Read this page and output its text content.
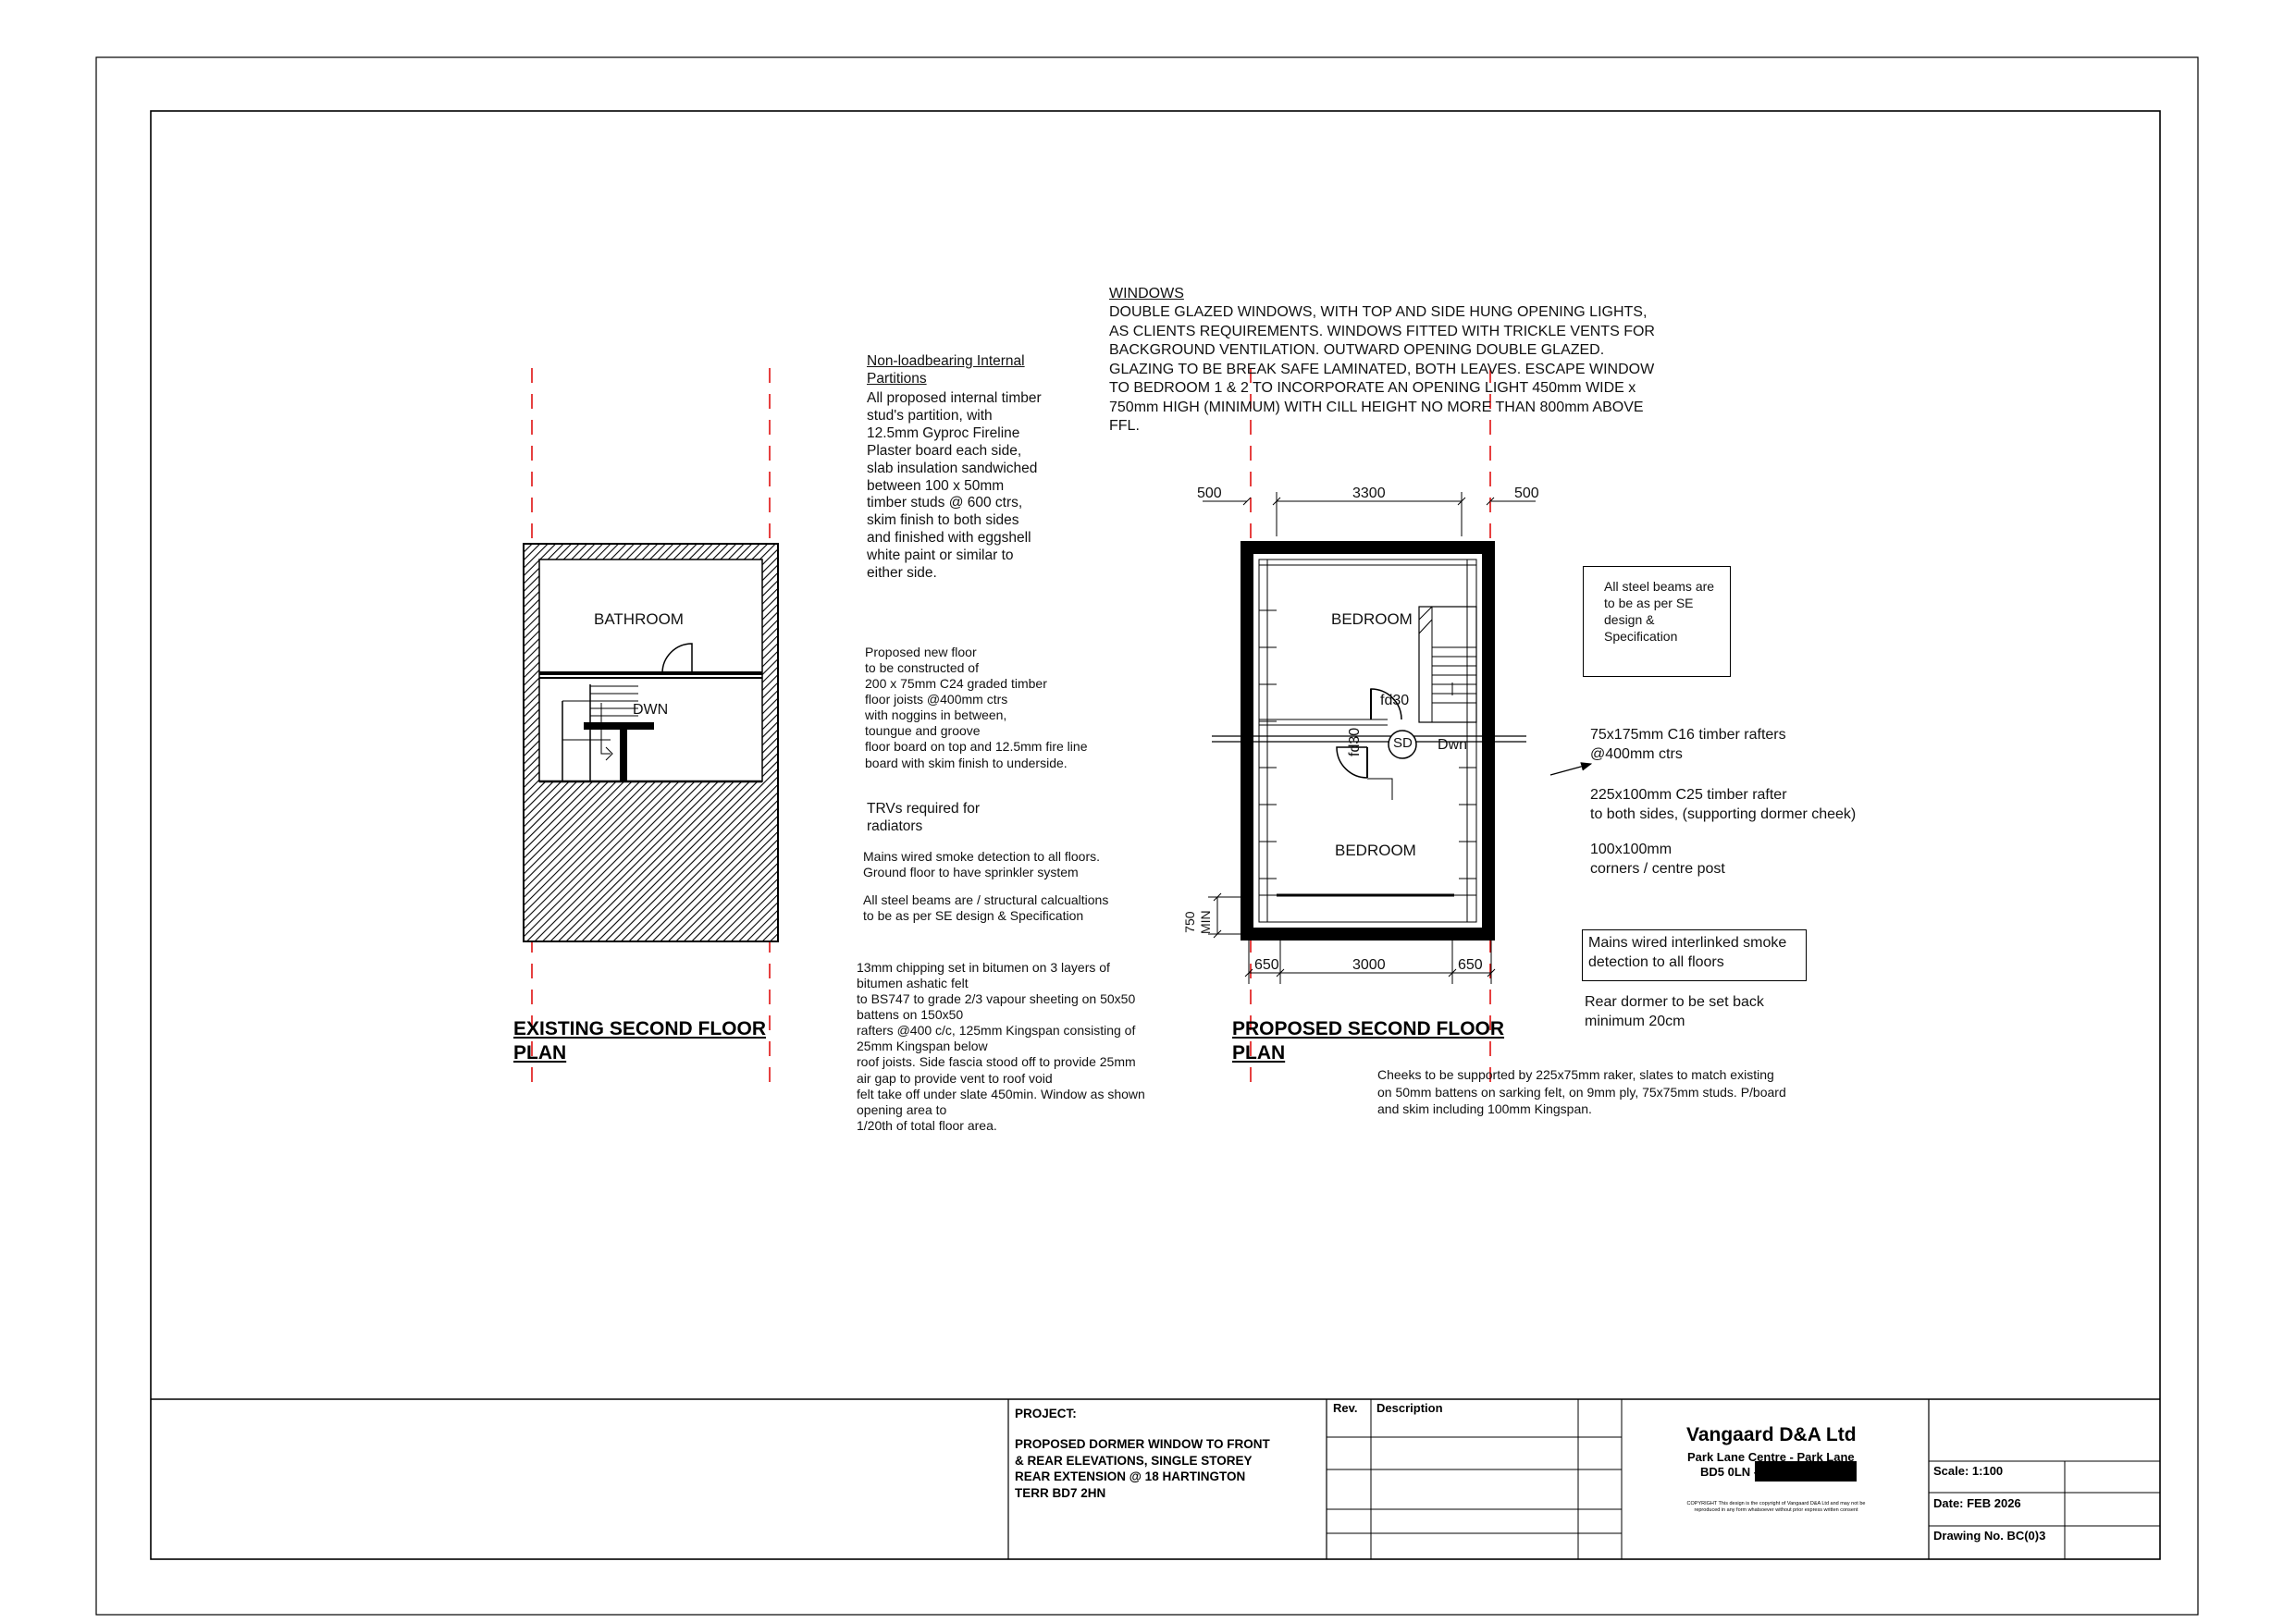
BATHROOM
DWN
EXISTING SECOND FLOOR
PLAN
BEDROOM
BEDROOM
fd30
fd30 SD Dwn
500	3300	500
650	3000	650
750
MIN
PROPOSED SECOND FLOOR
PLAN
Non-loadbearing Internal
Partitions
All proposed internal timber
stud's partition, with
12.5mm Gyproc Fireline
Plaster board each side,
slab insulation sandwiched
between 100 x 50mm
timber studs @ 600 ctrs,
skim finish to both sides
and finished with eggshell
white paint or similar to
either side.
Proposed new floor
to be constructed of
200 x 75mm C24 graded timber
floor joists @400mm ctrs
with noggins in between,
toungue and groove
floor board on top and 12.5mm fire line
board with skim finish to underside.
TRVs required for
radiators
Mains wired smoke detection to all floors.
Ground floor to have sprinkler system
All steel beams are / structural calcualtions
to be as per SE design & Specification
13mm chipping set in bitumen on 3 layers of
bitumen ashatic felt
to BS747 to grade 2/3 vapour sheeting on 50x50
battens on 150x50
rafters @400 c/c, 125mm Kingspan consisting of
25mm Kingspan below
roof joists. Side fascia stood off to provide 25mm
air gap to provide vent to roof void
felt take off under slate 450min. Window as shown
opening area to
1/20th of total floor area.
WINDOWS
DOUBLE GLAZED WINDOWS, WITH TOP AND SIDE HUNG OPENING LIGHTS,
AS CLIENTS REQUIREMENTS. WINDOWS FITTED WITH TRICKLE VENTS FOR
BACKGROUND VENTILATION. OUTWARD OPENING DOUBLE GLAZED.
GLAZING TO BE BREAK SAFE LAMINATED, BOTH LEAVES. ESCAPE WINDOW
TO BEDROOM 1 & 2 TO INCORPORATE AN OPENING LIGHT 450mm WIDE x
750mm HIGH (MINIMUM) WITH CILL HEIGHT NO MORE THAN 800mm ABOVE
FFL.
All steel beams are
to be as per SE
design &
Specification
75x175mm C16 timber rafters
@400mm ctrs
225x100mm C25 timber rafter
to both sides, (supporting dormer cheek)
100x100mm
corners / centre post
Mains wired interlinked smoke
detection to all floors
Rear dormer to be set back
minimum 20cm
Cheeks to be supported by 225x75mm raker, slates to match existing
on 50mm battens on sarking felt, on 9mm ply, 75x75mm studs. P/board
and skim including 100mm Kingspan.
PROJECT:
PROPOSED DORMER WINDOW TO FRONT
& REAR ELEVATIONS, SINGLE STOREY
REAR EXTENSION @ 18 HARTINGTON
TERR BD7 2HN
Rev. Description
Vangaard D&A Ltd
Park Lane Centre - Park Lane
BD5 0LN -
COPYRIGHT This design is the copyright of Vangaard D&A Ltd and may not be
reproduced in any form whatsoever without prior express written consent
Scale: 1:100
Date: FEB 2026
Drawing No. BC(0)3
